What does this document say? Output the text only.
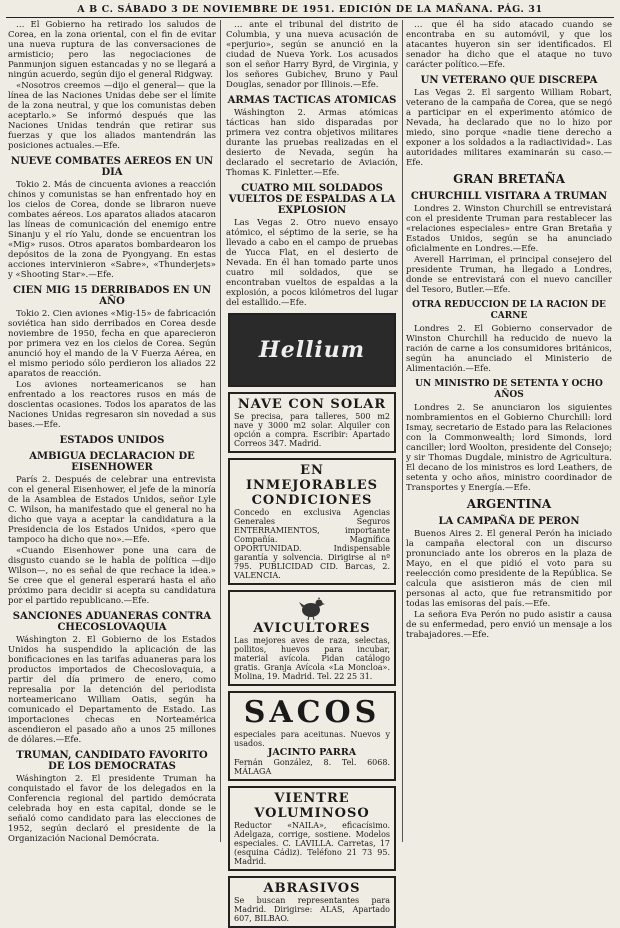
A B C. SÁBADO 3 DE NOVIEMBRE DE 1951. EDICIÓN DE LA MAÑANA. PÁG. 31

… El Gobierno ha retirado los saludos de Corea, en la zona oriental, con el fin de evitar una nueva ruptura de las conversaciones de armisticio; pero las negociaciones de Panmunjon siguen estancadas y no se llegará a ningún acuerdo, según dijo el general Ridgway.

«Nosotros creemos —dijo el general— que la línea de las Naciones Unidas debe ser el límite de la zona neutral, y que los comunistas deben aceptarlo.» Se informó después que las Naciones Unidas tendrán que retirar sus fuerzas y que los aliados mantendrán las posiciones actuales.—Efe.

NUEVE COMBATES AEREOS EN UN DIA

Tokio 2. Más de cincuenta aviones a reacción chinos y comunistas se han enfrentado hoy en los cielos de Corea, donde se libraron nueve combates aéreos. Los aparatos aliados atacaron las líneas de comunicación del enemigo entre Sinanju y el río Yalu, donde se encuentran los «Mig» rusos. Otros aparatos bombardearon los depósitos de la zona de Pyongyang. En estas acciones intervinieron «Sabre», «Thunderjets» y «Shooting Star».—Efe.

CIEN MIG 15 DERRIBADOS EN UN AÑO

Tokio 2. Cien aviones «Mig-15» de fabricación soviética han sido derribados en Corea desde noviembre de 1950, fecha en que aparecieron por primera vez en los cielos de Corea. Según anunció hoy el mando de la V Fuerza Aérea, en el mismo periodo sólo perdieron los aliados 22 aparatos de reacción.

Los aviones norteamericanos se han enfrentado a los reactores rusos en más de doscientas ocasiones. Todos los aparatos de las Naciones Unidas regresaron sin novedad a sus bases.—Efe.

ESTADOS UNIDOS
AMBIGUA DECLARACION DE EISENHOWER

París 2. Después de celebrar una entrevista con el general Eisenhower, el jefe de la minoría de la Asamblea de Estados Unidos, señor Lyle C. Wilson, ha manifestado que el general no ha dicho que vaya a aceptar la candidatura a la Presidencia de los Estados Unidos, «pero que tampoco ha dicho que no».—Efe.

«Cuando Eisenhower pone una cara de disgusto cuando se le habla de política —dijo Wilson—, no es señal de que rechace la idea.» Se cree que el general esperará hasta el año próximo para decidir si acepta su candidatura por el partido republicano.—Efe.

SANCIONES ADUANERAS CONTRA CHECOSLOVAQUIA

Wáshington 2. El Gobierno de los Estados Unidos ha suspendido la aplicación de las bonificaciones en las tarifas aduaneras para los productos importados de Checoslovaquia, a partir del día primero de enero, como represalia por la detención del periodista norteamericano William Oatis, según ha comunicado el Departamento de Estado. Las importaciones checas en Norteamérica ascendieron el pasado año a unos 25 millones de dólares.—Efe.

TRUMAN, CANDIDATO FAVORITO DE LOS DEMOCRATAS

Wáshington 2. El presidente Truman ha conquistado el favor de los delegados en la Conferencia regional del partido demócrata celebrada hoy en esta capital, donde se le señaló como candidato para las elecciones de 1952, según declaró el presidente de la Organización Nacional Demócrata.

… ante el tribunal del distrito de Columbia, y una nueva acusación de «perjurio», según se anunció en la ciudad de Nueva York. Los acusados son el señor Harry Byrd, de Virginia, y los señores Gubichev, Bruno y Paul Douglas, senador por Illinois.—Efe.

ARMAS TACTICAS ATOMICAS

Wáshington 2. Armas atómicas tácticas han sido disparadas por primera vez contra objetivos militares durante las pruebas realizadas en el desierto de Nevada, según ha declarado el secretario de Aviación, Thomas K. Finletter.—Efe.

CUATRO MIL SOLDADOS VUELTOS DE ESPALDAS A LA EXPLOSION

Las Vegas 2. Otro nuevo ensayo atómico, el séptimo de la serie, se ha llevado a cabo en el campo de pruebas de Yucca Flat, en el desierto de Nevada. En él han tomado parte unos cuatro mil soldados, que se encontraban vueltos de espaldas a la explosión, a pocos kilómetros del lugar del estallido.—Efe.

Hellium
NAVE CON SOLAR
Se precisa, para talleres, 500 m2 nave y 3000 m2 solar. Alquiler con opción a compra. Escribir: Apartado Correos 347. Madrid.
EN INMEJORABLES CONDICIONES
Concedo en exclusiva Agencias Generales Seguros ENTERRAMIENTOS, importante Compañía. Magnífica OPORTUNIDAD. Indispensable garantía y solvencia. Dirigirse al nº 795. PUBLICIDAD CID. Barcas, 2. VALENCIA.
AVICULTORES
Las mejores aves de raza, selectas, pollitos, huevos para incubar, material avícola. Pidan catálogo gratis. Granja Avícola «La Moncloa». Molina, 19. Madrid. Tel. 22 25 31.
SACOS
especiales para aceitunas. Nuevos y usados.
JACINTO PARRA
Fernán González, 8. Tel. 6068. MÁLAGA
VIENTRE VOLUMINOSO
Reductor «NAILA», eficacísimo. Adelgaza, corrige, sostiene. Modelos especiales. C. LAVILLA. Carretas, 17 (esquina Cádiz). Teléfono 21 73 95. Madrid.
ABRASIVOS
Se buscan representantes para Madrid. Dirigirse: ALAS, Apartado 607, BILBAO.

… que él ha sido atacado cuando se encontraba en su automóvil, y que los atacantes huyeron sin ser identificados. El senador ha dicho que el ataque no tuvo carácter político.—Efe.

UN VETERANO QUE DISCREPA

Las Vegas 2. El sargento William Robart, veterano de la campaña de Corea, que se negó a participar en el experimento atómico de Nevada, ha declarado que no lo hizo por miedo, sino porque «nadie tiene derecho a exponer a los soldados a la radiactividad». Las autoridades militares examinarán su caso.—Efe.

GRAN BRETAÑA
CHURCHILL VISITARA A TRUMAN

Londres 2. Winston Churchill se entrevistará con el presidente Truman para restablecer las «relaciones especiales» entre Gran Bretaña y Estados Unidos, según se ha anunciado oficialmente en Londres.—Efe.

Averell Harriman, el principal consejero del presidente Truman, ha llegado a Londres, donde se entrevistará con el nuevo canciller del Tesoro, Butler.—Efe.

OTRA REDUCCION DE LA RACION DE CARNE

Londres 2. El Gobierno conservador de Winston Churchill ha reducido de nuevo la ración de carne a los consumidores británicos, según ha anunciado el Ministerio de Alimentación.—Efe.

UN MINISTRO DE SETENTA Y OCHO AÑOS

Londres 2. Se anunciaron los siguientes nombramientos en el Gobierno Churchill: lord Ismay, secretario de Estado para las Relaciones con la Commonwealth; lord Simonds, lord canciller; lord Woolton, presidente del Consejo; y sir Thomas Dugdale, ministro de Agricultura. El decano de los ministros es lord Leathers, de setenta y ocho años, ministro coordinador de Transportes y Energía.—Efe.

ARGENTINA
LA CAMPAÑA DE PERON

Buenos Aires 2. El general Perón ha iniciado la campaña electoral con un discurso pronunciado ante los obreros en la plaza de Mayo, en el que pidió el voto para su reelección como presidente de la República. Se calcula que asistieron más de cien mil personas al acto, que fue retransmitido por todas las emisoras del país.—Efe.

La señora Eva Perón no pudo asistir a causa de su enfermedad, pero envió un mensaje a los trabajadores.—Efe.
